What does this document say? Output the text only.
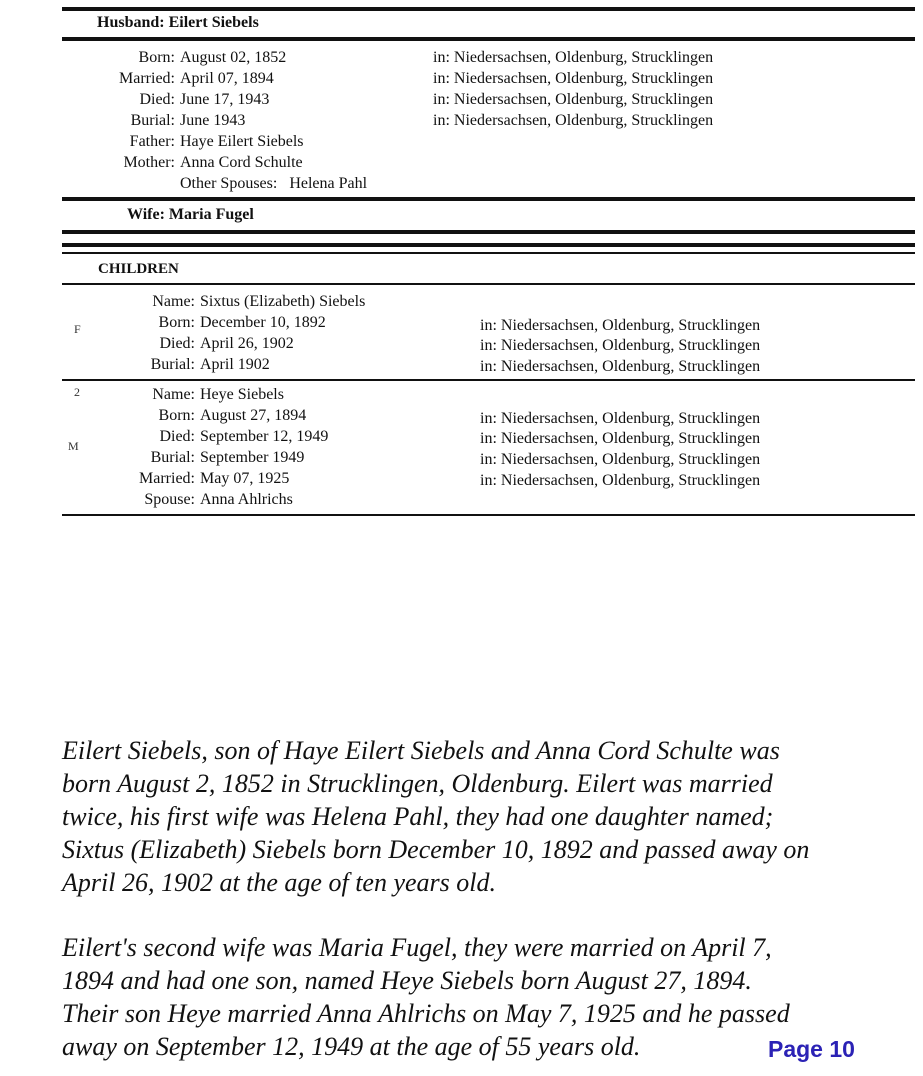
Husband: Eilert Siebels
Born: August 02, 1852	in: Niedersachsen, Oldenburg, Strucklingen
Married: April 07, 1894	in: Niedersachsen, Oldenburg, Strucklingen
Died: June 17, 1943	in: Niedersachsen, Oldenburg, Strucklingen
Burial: June 1943	in: Niedersachsen, Oldenburg, Strucklingen
Father: Haye Eilert Siebels
Mother: Anna Cord Schulte
Other Spouses: Helena Pahl
Wife: Maria Fugel
CHILDREN
F
Name: Sixtus (Elizabeth) Siebels
Born: December 10, 1892	in: Niedersachsen, Oldenburg, Strucklingen
Died: April 26, 1902	in: Niedersachsen, Oldenburg, Strucklingen
Burial: April 1902	in: Niedersachsen, Oldenburg, Strucklingen
2
M
Name: Heye Siebels
Born: August 27, 1894	in: Niedersachsen, Oldenburg, Strucklingen
Died: September 12, 1949	in: Niedersachsen, Oldenburg, Strucklingen
Burial: September 1949	in: Niedersachsen, Oldenburg, Strucklingen
Married: May 07, 1925	in: Niedersachsen, Oldenburg, Strucklingen
Spouse: Anna Ahlrichs
Eilert Siebels, son of Haye Eilert Siebels and Anna Cord Schulte was
born August 2, 1852 in Strucklingen, Oldenburg. Eilert was married
twice, his first wife was Helena Pahl, they had one daughter named;
Sixtus (Elizabeth) Siebels born December 10, 1892 and passed away on
April 26, 1902 at the age of ten years old.
Eilert's second wife was Maria Fugel, they were married on April 7,
1894 and had one son, named Heye Siebels born August 27, 1894.
Their son Heye married Anna Ahlrichs on May 7, 1925 and he passed
away on September 12, 1949 at the age of 55 years old.	Page 10
